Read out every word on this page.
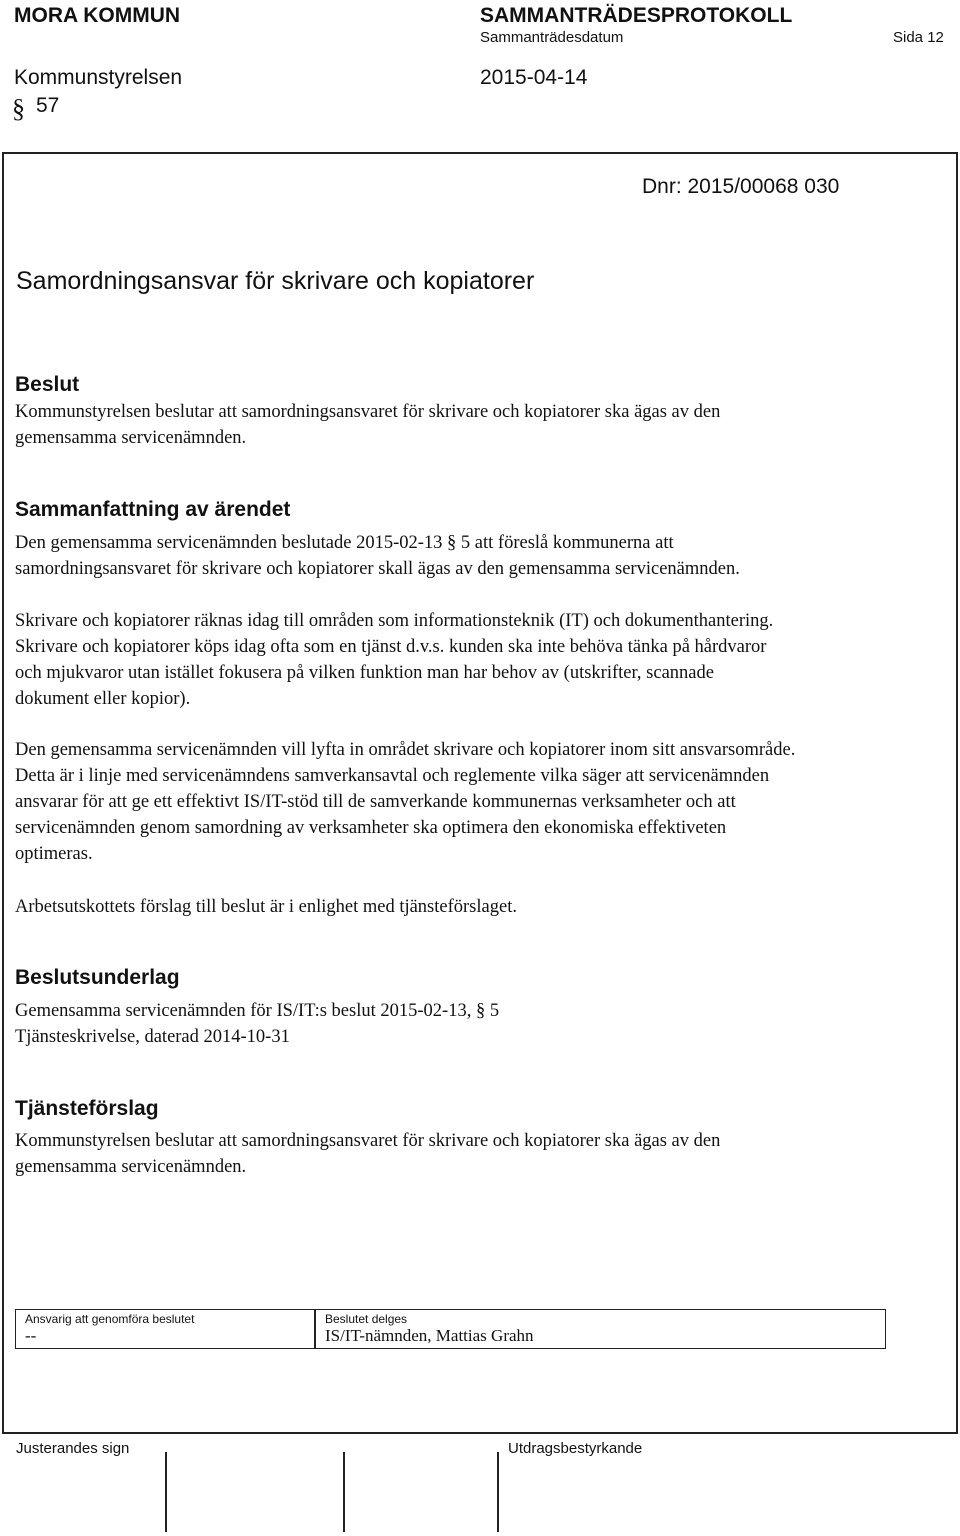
MORA KOMMUN	SAMMANTRÄDESPROTOKOLL
Sammanträdesdatum	Sida 12
Kommunstyrelsen	2015-04-14
§ 57
Dnr: 2015/00068 030
Samordningsansvar för skrivare och kopiatorer
Beslut

Kommunstyrelsen beslutar att samordningsansvaret för skrivare och kopiatorer ska ägas av den
gemensamma servicenämnden.

Sammanfattning av ärendet

Den gemensamma servicenämnden beslutade 2015-02-13 § 5 att föreslå kommunerna att
samordningsansvaret för skrivare och kopiatorer skall ägas av den gemensamma servicenämnden.

Skrivare och kopiatorer räknas idag till områden som informationsteknik (IT) och dokumenthantering.
Skrivare och kopiatorer köps idag ofta som en tjänst d.v.s. kunden ska inte behöva tänka på hårdvaror
och mjukvaror utan istället fokusera på vilken funktion man har behov av (utskrifter, scannade
dokument eller kopior).

Den gemensamma servicenämnden vill lyfta in området skrivare och kopiatorer inom sitt ansvarsområde.
Detta är i linje med servicenämndens samverkansavtal och reglemente vilka säger att servicenämnden
ansvarar för att ge ett effektivt IS/IT-stöd till de samverkande kommunernas verksamheter och att
servicenämnden genom samordning av verksamheter ska optimera den ekonomiska effektiveten
optimeras.

Arbetsutskottets förslag till beslut är i enlighet med tjänsteförslaget.

Beslutsunderlag

Gemensamma servicenämnden för IS/IT:s beslut 2015-02-13, § 5
Tjänsteskrivelse, daterad 2014-10-31

Tjänsteförslag

Kommunstyrelsen beslutar att samordningsansvaret för skrivare och kopiatorer ska ägas av den
gemensamma servicenämnden.

Ansvarig att genomföra beslutet
--
Beslutet delges
IS/IT-nämnden, Mattias Grahn
Justerandes sign	Utdragsbestyrkande
